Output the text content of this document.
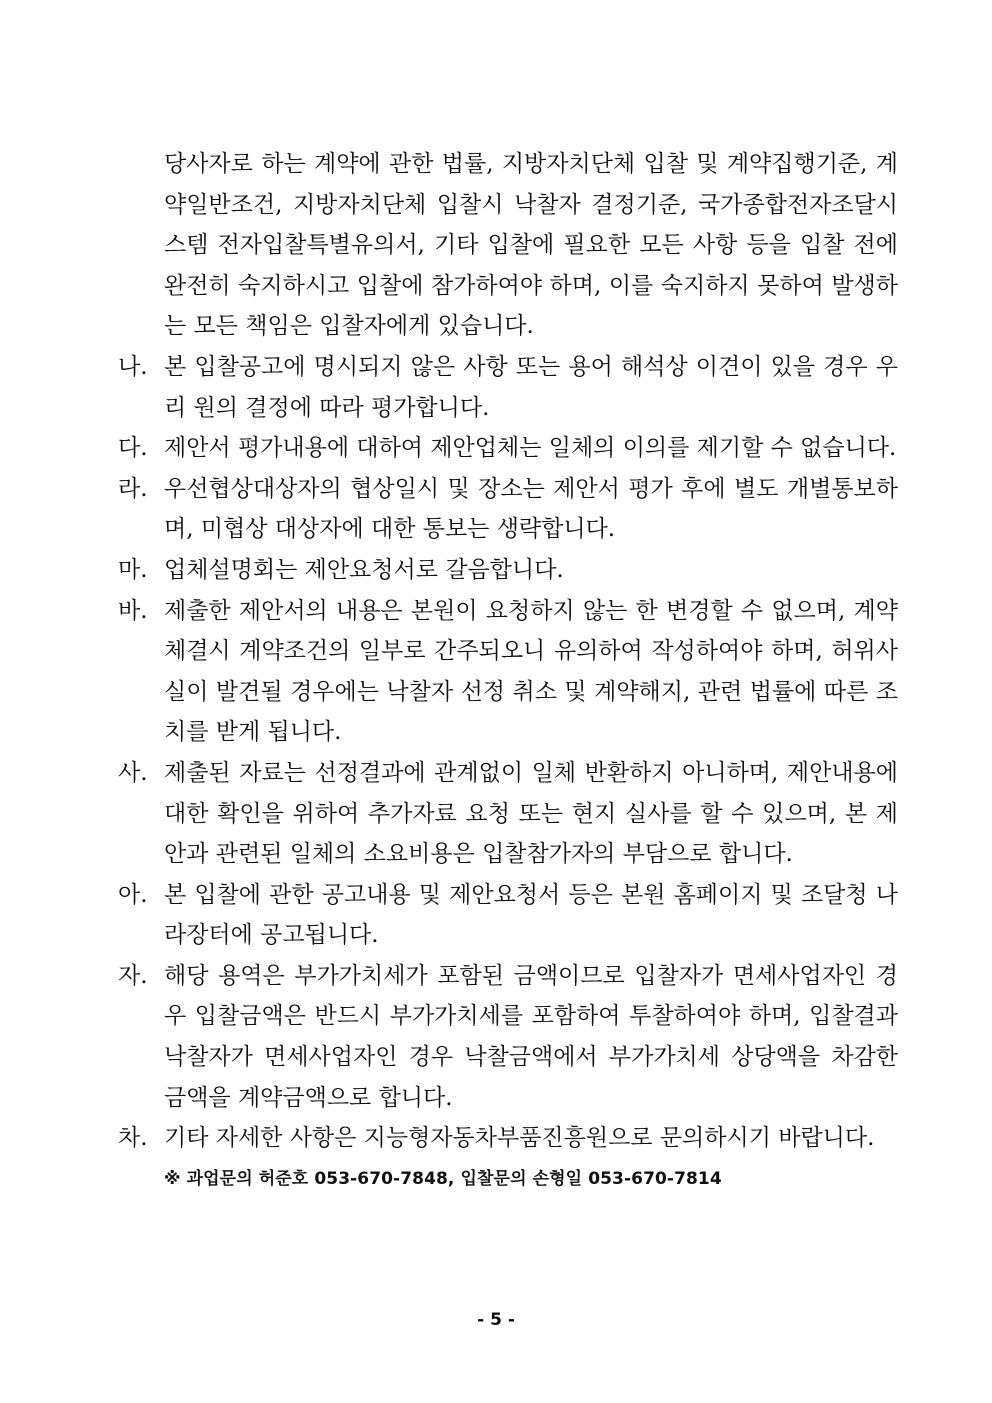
당사자로 하는 계약에 관한 법률, 지방자치단체 입찰 및 계약집행기준, 계약일반조건, 지방자치단체 입찰시 낙찰자 결정기준, 국가종합전자조달시스템 전자입찰특별유의서, 기타 입찰에 필요한 모든 사항 등을 입찰 전에 완전히 숙지하시고 입찰에 참가하여야 하며, 이를 숙지하지 못하여 발생하는 모든 책임은 입찰자에게 있습니다.
나. 본 입찰공고에 명시되지 않은 사항 또는 용어 해석상 이견이 있을 경우 우리 원의 결정에 따라 평가합니다.
다. 제안서 평가내용에 대하여 제안업체는 일체의 이의를 제기할 수 없습니다.
라. 우선협상대상자의 협상일시 및 장소는 제안서 평가 후에 별도 개별통보하며, 미협상 대상자에 대한 통보는 생략합니다.
마. 업체설명회는 제안요청서로 갈음합니다.
바. 제출한 제안서의 내용은 본원이 요청하지 않는 한 변경할 수 없으며, 계약 체결시 계약조건의 일부로 간주되오니 유의하여 작성하여야 하며, 허위사실이 발견될 경우에는 낙찰자 선정 취소 및 계약해지, 관련 법률에 따른 조치를 받게 됩니다.
사. 제출된 자료는 선정결과에 관계없이 일체 반환하지 아니하며, 제안내용에 대한 확인을 위하여 추가자료 요청 또는 현지 실사를 할 수 있으며, 본 제안과 관련된 일체의 소요비용은 입찰참가자의 부담으로 합니다.
아. 본 입찰에 관한 공고내용 및 제안요청서 등은 본원 홈페이지 및 조달청 나라장터에 공고됩니다.
자. 해당 용역은 부가가치세가 포함된 금액이므로 입찰자가 면세사업자인 경우 입찰금액은 반드시 부가가치세를 포함하여 투찰하여야 하며, 입찰결과 낙찰자가 면세사업자인 경우 낙찰금액에서 부가가치세 상당액을 차감한 금액을 계약금액으로 합니다.
차. 기타 자세한 사항은 지능형자동차부품진흥원으로 문의하시기 바랍니다.
※ 과업문의 허준호 053-670-7848, 입찰문의 손형일 053-670-7814
- 5 -
